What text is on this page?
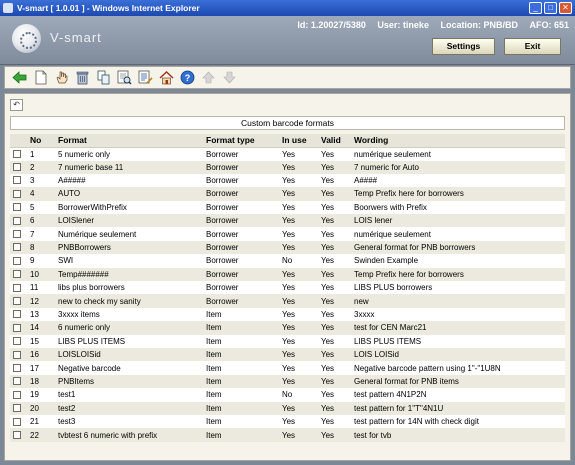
V-smart [ 1.0.01 ] - Windows Internet Explorer	_	□	✕
V-smart
Id: 1.20027/5380 User: tineke Location: PNB/BD AFO: 651
Settings	Exit
?
↶
Custom barcode formats
	No	Format	Format type	In use	Valid	Wording
	1	5 numeric only	Borrower	Yes	Yes	numérique seulement
	2	7 numeric base 11	Borrower	Yes	Yes	7 numeric for Auto
	3	A#####	Borrower	Yes	Yes	A####
	4	AUTO	Borrower	Yes	Yes	Temp Prefix here for borrowers
	5	BorrowerWithPrefix	Borrower	Yes	Yes	Boorwers with Prefix
	6	LOISlener	Borrower	Yes	Yes	LOIS lener
	7	Numérique seulement	Borrower	Yes	Yes	numérique seulement
	8	PNBBorrowers	Borrower	Yes	Yes	General format for PNB borrowers
	9	SWI	Borrower	No	Yes	Swinden Example
	10	Temp#######	Borrower	Yes	Yes	Temp Prefix here for borrowers
	11	libs plus borrowers	Borrower	Yes	Yes	LIBS PLUS borrowers
	12	new to check my sanity	Borrower	Yes	Yes	new
	13	3xxxx items	Item	Yes	Yes	3xxxx
	14	6 numeric only	Item	Yes	Yes	test for CEN Marc21
	15	LIBS PLUS ITEMS	Item	Yes	Yes	LIBS PLUS ITEMS
	16	LOISLOISid	Item	Yes	Yes	LOIS LOISid
	17	Negative barcode	Item	Yes	Yes	Negative barcode pattern using 1"-"1U8N
	18	PNBItems	Item	Yes	Yes	General format for PNB items
	19	test1	Item	No	Yes	test pattern 4N1P2N
	20	test2	Item	Yes	Yes	test pattern for 1"T"4N1U
	21	test3	Item	Yes	Yes	test pattern for 14N with check digit
	22	tvbtest 6 numeric with prefix	Item	Yes	Yes	test for tvb
